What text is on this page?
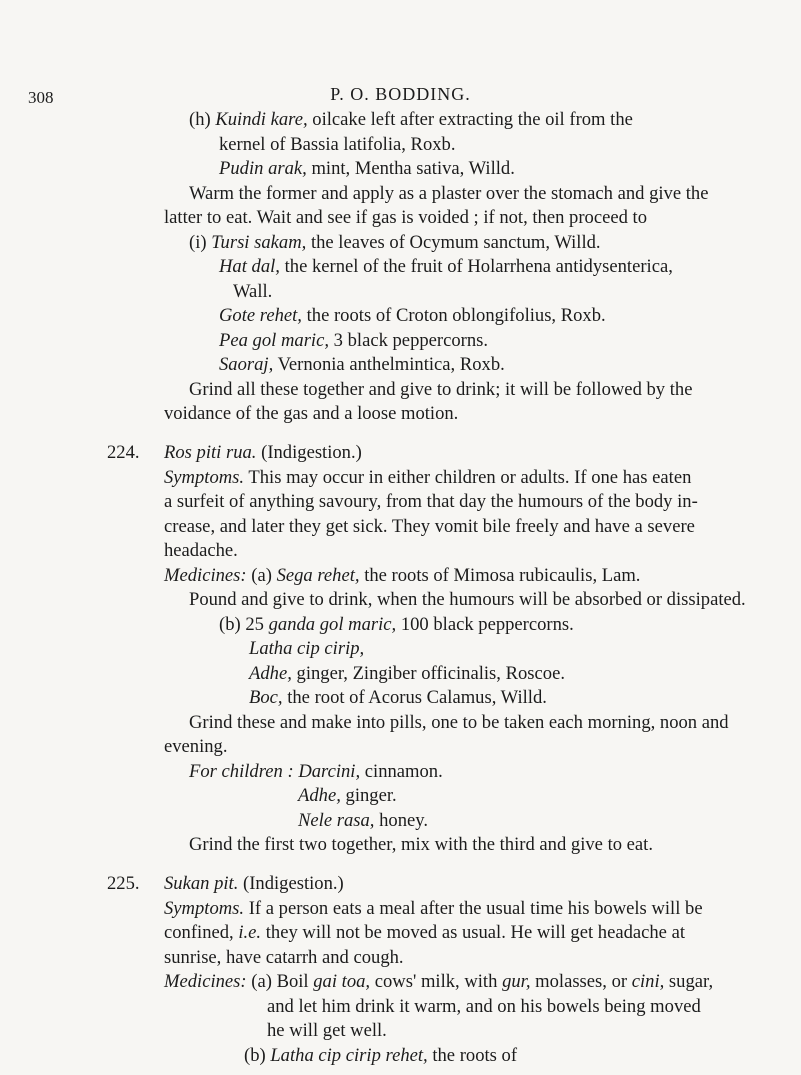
308	P. O. BODDING.
(h) Kuindi kare, oilcake left after extracting the oil from the
kernel of Bassia latifolia, Roxb.
Pudin arak, mint, Mentha sativa, Willd.
Warm the former and apply as a plaster over the stomach and give the
latter to eat. Wait and see if gas is voided ; if not, then proceed to
(i) Tursi sakam, the leaves of Ocymum sanctum, Willd.
Hat dal, the kernel of the fruit of Holarrhena antidysenterica,
Wall.
Gote rehet, the roots of Croton oblongifolius, Roxb.
Pea gol maric, 3 black peppercorns.
Saoraj, Vernonia anthelmintica, Roxb.
Grind all these together and give to drink; it will be followed by the
voidance of the gas and a loose motion.
224. Ros piti rua. (Indigestion.)
Symptoms. This may occur in either children or adults. If one has eaten
a surfeit of anything savoury, from that day the humours of the body in-
crease, and later they get sick. They vomit bile freely and have a severe
headache.
Medicines: (a) Sega rehet, the roots of Mimosa rubicaulis, Lam.
Pound and give to drink, when the humours will be absorbed or dissipated.
(b) 25 ganda gol maric, 100 black peppercorns.
Latha cip cirip,
Adhe, ginger, Zingiber officinalis, Roscoe.
Boc, the root of Acorus Calamus, Willd.
Grind these and make into pills, one to be taken each morning, noon and
evening.
For children : Darcini, cinnamon.
Adhe, ginger.
Nele rasa, honey.
Grind the first two together, mix with the third and give to eat.
225. Sukan pit. (Indigestion.)
Symptoms. If a person eats a meal after the usual time his bowels will be
confined, i.e. they will not be moved as usual. He will get headache at
sunrise, have catarrh and cough.
Medicines: (a) Boil gai toa, cows' milk, with gur, molasses, or cini, sugar,
and let him drink it warm, and on his bowels being moved
he will get well.
(b) Latha cip cirip rehet, the roots of
